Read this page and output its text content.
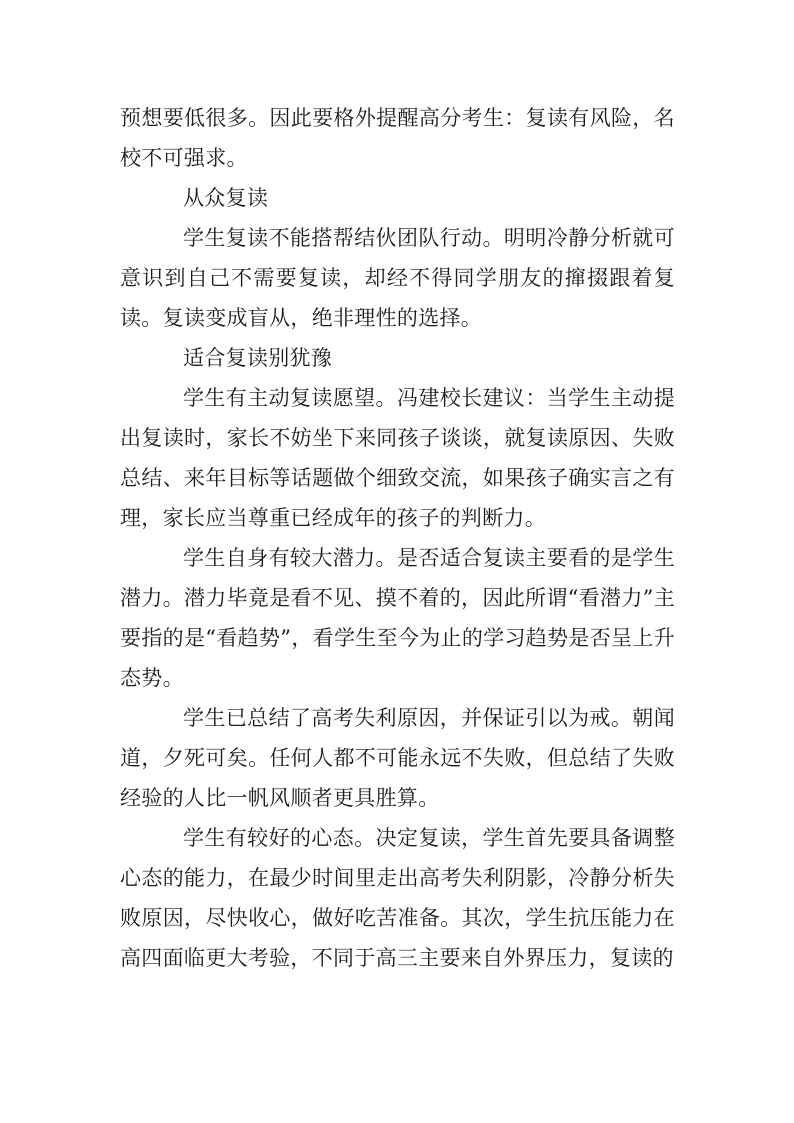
预想要低很多。因此要格外提醒高分考生：复读有风险，名校不可强求。

从众复读

学生复读不能搭帮结伙团队行动。明明冷静分析就可意识到自己不需要复读，却经不得同学朋友的撺掇跟着复读。复读变成盲从，绝非理性的选择。

适合复读别犹豫

学生有主动复读愿望。冯建校长建议：当学生主动提出复读时，家长不妨坐下来同孩子谈谈，就复读原因、失败总结、来年目标等话题做个细致交流，如果孩子确实言之有理，家长应当尊重已经成年的孩子的判断力。

学生自身有较大潜力。是否适合复读主要看的是学生潜力。潜力毕竟是看不见、摸不着的，因此所谓“看潜力”主要指的是“看趋势”，看学生至今为止的学习趋势是否呈上升态势。

学生已总结了高考失利原因，并保证引以为戒。朝闻道，夕死可矣。任何人都不可能永远不失败，但总结了失败经验的人比一帆风顺者更具胜算。

学生有较好的心态。决定复读，学生首先要具备调整心态的能力，在最少时间里走出高考失利阴影，冷静分析失败原因，尽快收心，做好吃苦准备。其次，学生抗压能力在高四面临更大考验，不同于高三主要来自外界压力，复读的
